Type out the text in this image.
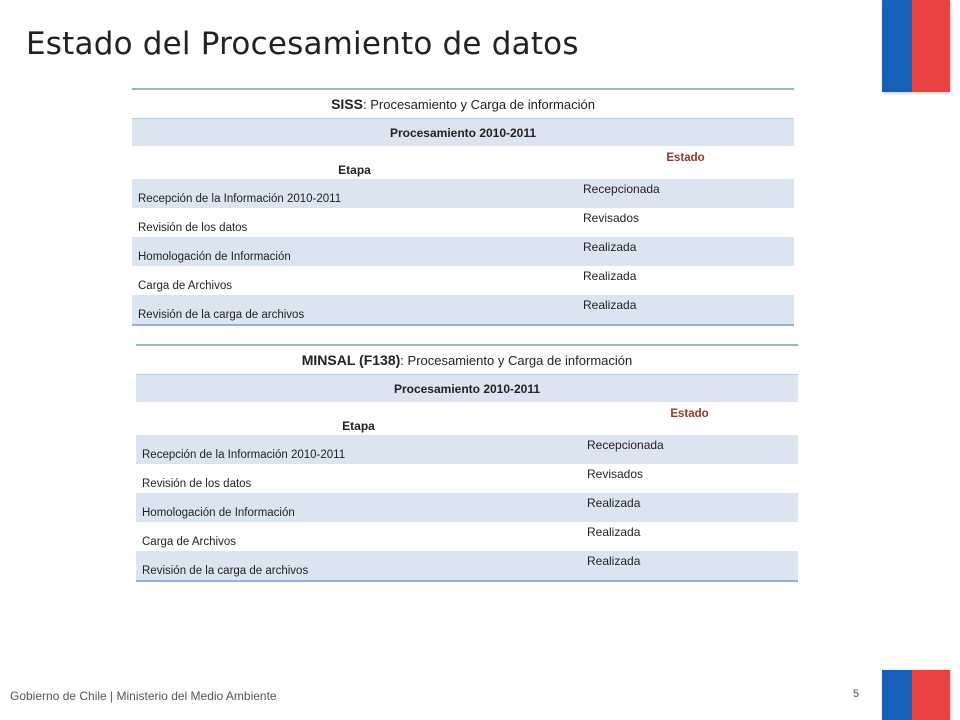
Estado del Procesamiento de datos
SISS: Procesamiento y Carga de información	
Procesamiento 2010-2011	
Etapa	Estado
Recepción de la Información 2010-2011	Recepcionada
Revisión de los datos	Revisados
Homologación de Información	Realizada
Carga de Archivos	Realizada
Revisión de la carga de archivos	Realizada
MINSAL (F138): Procesamiento y Carga de información	
Procesamiento 2010-2011	
Etapa	Estado
Recepción de la Información 2010-2011	Recepcionada
Revisión de los datos	Revisados
Homologación de Información	Realizada
Carga de Archivos	Realizada
Revisión de la carga de archivos	Realizada
Gobierno de Chile | Ministerio del Medio Ambiente	5
